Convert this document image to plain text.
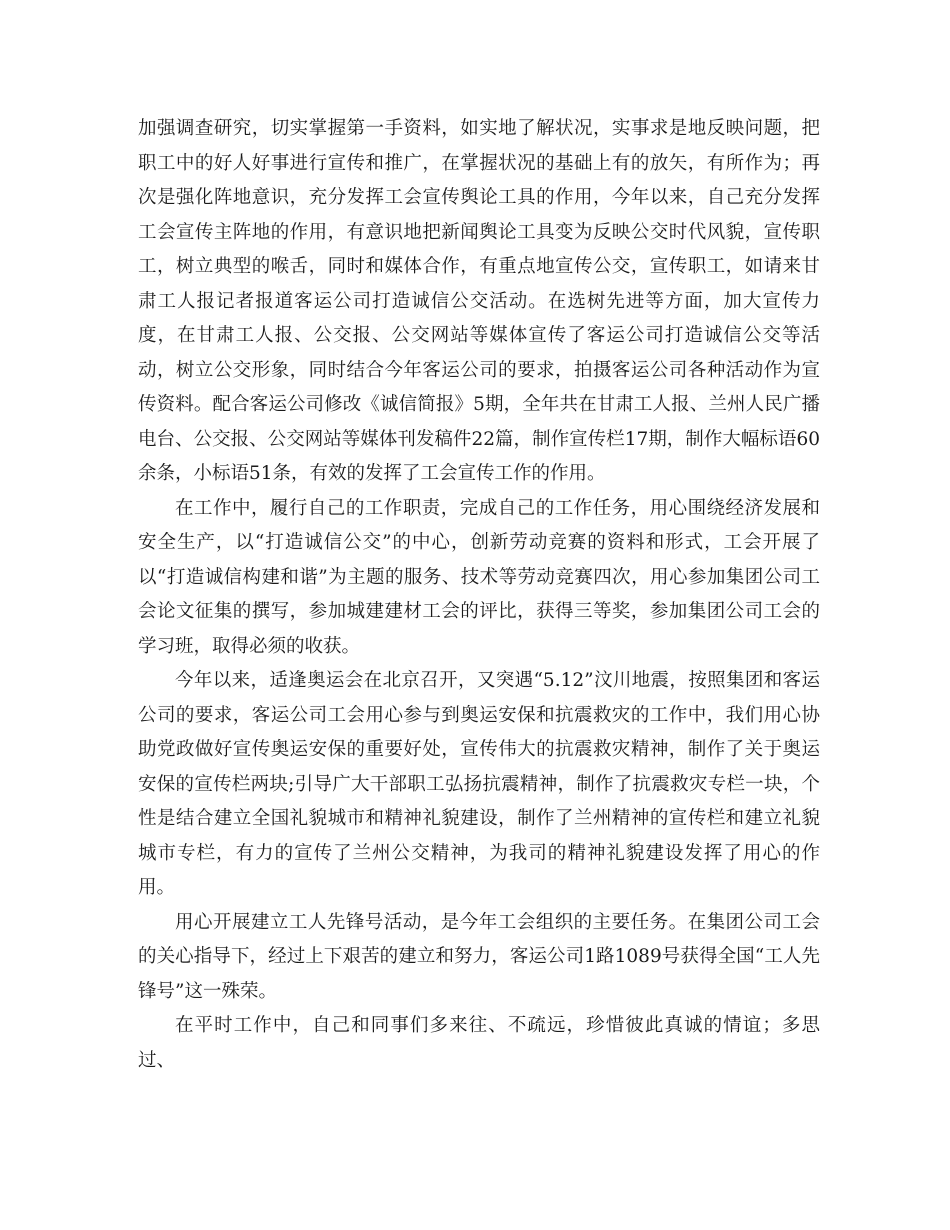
加强调查研究，切实掌握第一手资料，如实地了解状况，实事求是地反映问题，把职工中的好人好事进行宣传和推广，在掌握状况的基础上有的放矢，有所作为；再次是强化阵地意识，充分发挥工会宣传舆论工具的作用，今年以来，自己充分发挥工会宣传主阵地的作用，有意识地把新闻舆论工具变为反映公交时代风貌，宣传职工，树立典型的喉舌，同时和媒体合作，有重点地宣传公交，宣传职工，如请来甘肃工人报记者报道客运公司打造诚信公交活动。在选树先进等方面，加大宣传力度，在甘肃工人报、公交报、公交网站等媒体宣传了客运公司打造诚信公交等活动，树立公交形象，同时结合今年客运公司的要求，拍摄客运公司各种活动作为宣传资料。配合客运公司修改《诚信简报》5期，全年共在甘肃工人报、兰州人民广播电台、公交报、公交网站等媒体刊发稿件22篇，制作宣传栏17期，制作大幅标语60余条，小标语51条，有效的发挥了工会宣传工作的作用。

在工作中，履行自己的工作职责，完成自己的工作任务，用心围绕经济发展和安全生产，以“打造诚信公交”的中心，创新劳动竞赛的资料和形式，工会开展了以“打造诚信构建和谐”为主题的服务、技术等劳动竞赛四次，用心参加集团公司工会论文征集的撰写，参加城建建材工会的评比，获得三等奖，参加集团公司工会的学习班，取得必须的收获。

今年以来，适逢奥运会在北京召开，又突遇“5.12”汶川地震，按照集团和客运公司的要求，客运公司工会用心参与到奥运安保和抗震救灾的工作中，我们用心协助党政做好宣传奥运安保的重要好处，宣传伟大的抗震救灾精神，制作了关于奥运安保的宣传栏两块;引导广大干部职工弘扬抗震精神，制作了抗震救灾专栏一块，个性是结合建立全国礼貌城市和精神礼貌建设，制作了兰州精神的宣传栏和建立礼貌城市专栏，有力的宣传了兰州公交精神，为我司的精神礼貌建设发挥了用心的作用。

用心开展建立工人先锋号活动，是今年工会组织的主要任务。在集团公司工会的关心指导下，经过上下艰苦的建立和努力，客运公司1路1089号获得全国“工人先锋号”这一殊荣。

在平时工作中，自己和同事们多来往、不疏远，珍惜彼此真诚的情谊；多思过、
